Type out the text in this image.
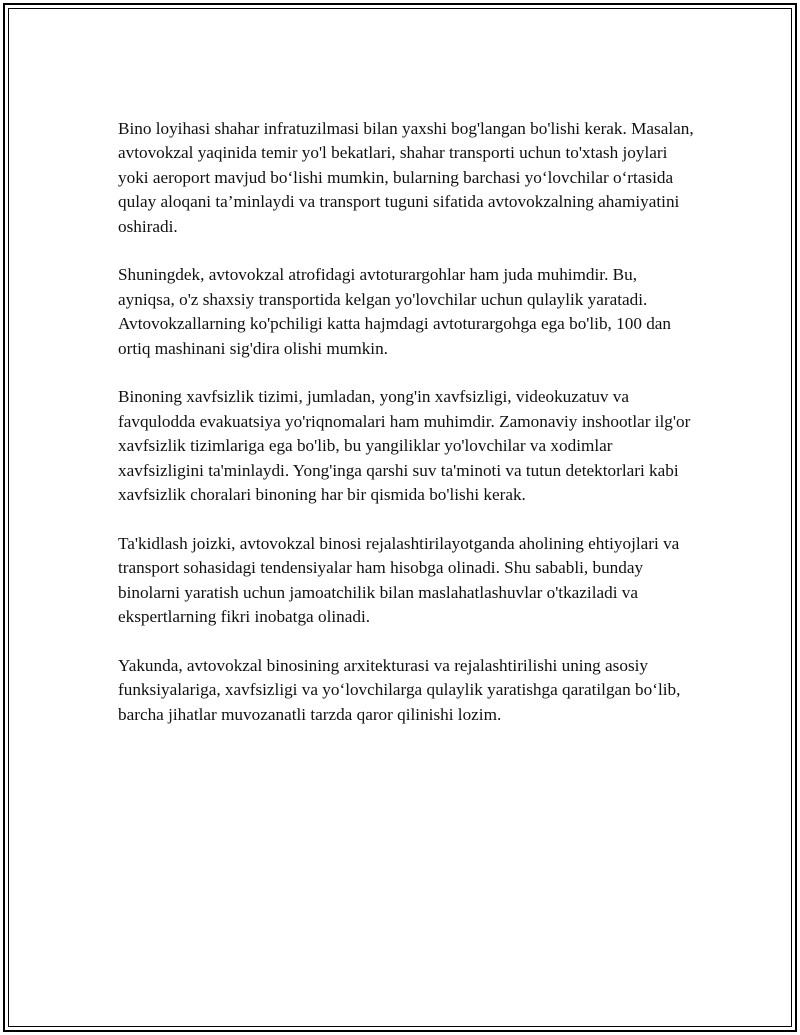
Bino loyihasi shahar infratuzilmasi bilan yaxshi bog'langan bo'lishi kerak. Masalan, avtovokzal yaqinida temir yo'l bekatlari, shahar transporti uchun to'xtash joylari yoki aeroport mavjud bo‘lishi mumkin, bularning barchasi yo‘lovchilar o‘rtasida qulay aloqani ta’minlaydi va transport tuguni sifatida avtovokzalning ahamiyatini oshiradi.

Shuningdek, avtovokzal atrofidagi avtoturargohlar ham juda muhimdir. Bu, ayniqsa, o'z shaxsiy transportida kelgan yo'lovchilar uchun qulaylik yaratadi. Avtovokzallarning ko'pchiligi katta hajmdagi avtoturargohga ega bo'lib, 100 dan ortiq mashinani sig'dira olishi mumkin.

Binoning xavfsizlik tizimi, jumladan, yong'in xavfsizligi, videokuzatuv va favqulodda evakuatsiya yo'riqnomalari ham muhimdir. Zamonaviy inshootlar ilg'or xavfsizlik tizimlariga ega bo'lib, bu yangiliklar yo'lovchilar va xodimlar xavfsizligini ta'minlaydi. Yong'inga qarshi suv ta'minoti va tutun detektorlari kabi xavfsizlik choralari binoning har bir qismida bo'lishi kerak.

Ta'kidlash joizki, avtovokzal binosi rejalashtirilayotganda aholining ehtiyojlari va transport sohasidagi tendensiyalar ham hisobga olinadi. Shu sababli, bunday binolarni yaratish uchun jamoatchilik bilan maslahatlashuvlar o'tkaziladi va ekspertlarning fikri inobatga olinadi.

Yakunda, avtovokzal binosining arxitekturasi va rejalashtirilishi uning asosiy funksiyalariga, xavfsizligi va yo‘lovchilarga qulaylik yaratishga qaratilgan bo‘lib, barcha jihatlar muvozanatli tarzda qaror qilinishi lozim.
